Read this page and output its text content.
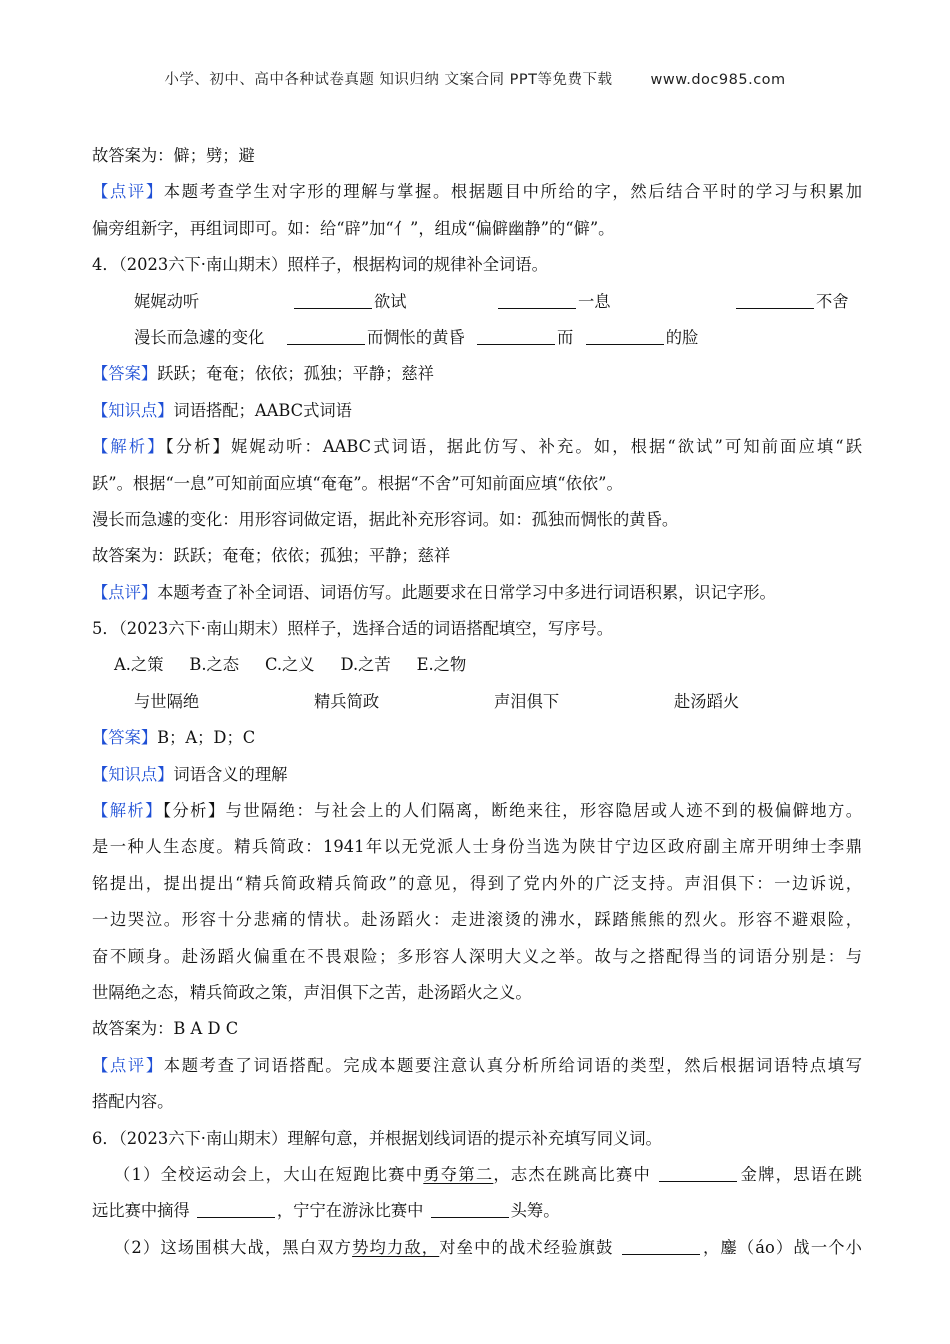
小学、初中、高中各种试卷真题 知识归纳 文案合同 PPT等免费下载	www.doc985.com
故答案为：僻；劈；避
【点评】本题考查学生对字形的理解与掌握。根据题目中所给的字，然后结合平时的学习与积累加
偏旁组新字，再组词即可。如：给“辟”加“亻”，组成“偏僻幽静”的“僻”。
4．（2023六下·南山期末）照样子，根据构词的规律补全词语。
娓娓动听	欲试	一息	不舍
漫长而急遽的变化	而惆怅的黄昏	而	的脸
【答案】跃跃；奄奄；依依；孤独；平静；慈祥
【知识点】词语搭配；AABC式词语
【解析】【分析】娓娓动听：AABC式词语，据此仿写、补充。如，根据“欲试”可知前面应填“跃
跃”。根据“一息”可知前面应填“奄奄”。根据“不舍”可知前面应填“依依”。
漫长而急遽的变化：用形容词做定语，据此补充形容词。如：孤独而惆怅的黄昏。
故答案为：跃跃；奄奄；依依；孤独；平静；慈祥
【点评】本题考查了补全词语、词语仿写。此题要求在日常学习中多进行词语积累，识记字形。
5．（2023六下·南山期末）照样子，选择合适的词语搭配填空，写序号。
A.之策 B.之态 C.之义 D.之苦 E.之物
与世隔绝	精兵简政	声泪俱下	赴汤蹈火
【答案】B；A；D；C
【知识点】词语含义的理解
【解析】【分析】与世隔绝：与社会上的人们隔离，断绝来往，形容隐居或人迹不到的极偏僻地方。
是一种人生态度。精兵简政：1941年以无党派人士身份当选为陕甘宁边区政府副主席开明绅士李鼎
铭提出，提出提出“精兵简政精兵简政”的意见，得到了党内外的广泛支持。声泪俱下：一边诉说，
一边哭泣。形容十分悲痛的情状。赴汤蹈火：走进滚烫的沸水，踩踏熊熊的烈火。形容不避艰险，
奋不顾身。赴汤蹈火偏重在不畏艰险；多形容人深明大义之举。故与之搭配得当的词语分别是：与
世隔绝之态，精兵简政之策，声泪俱下之苦，赴汤蹈火之义。
故答案为：B A D C
【点评】本题考查了词语搭配。完成本题要注意认真分析所给词语的类型，然后根据词语特点填写
搭配内容。
6．（2023六下·南山期末）理解句意，并根据划线词语的提示补充填写同义词。
（1）全校运动会上，大山在短跑比赛中勇夺第二，志杰在跳高比赛中	金牌，思语在跳
远比赛中摘得	，宁宁在游泳比赛中	头筹。
（2）这场围棋大战，黑白双方势均力敌，对垒中的战术经验旗鼓	，鏖（áo）战一个小
